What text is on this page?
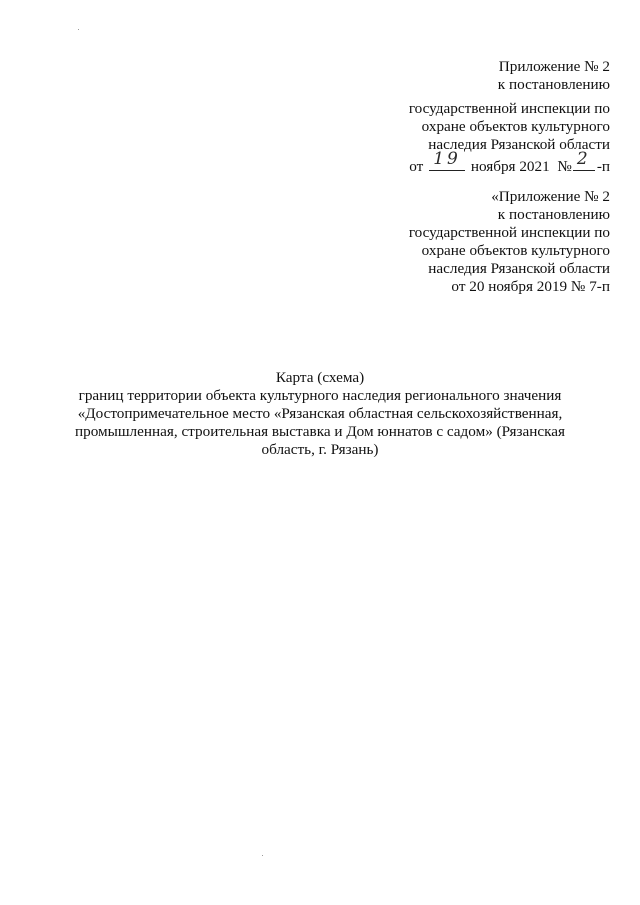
Приложение № 2
к постановлению
государственной инспекции по
охране объектов культурного
наследия Рязанской области
от 19 ноября 2021 № 2 -п
«Приложение № 2
к постановлению
государственной инспекции по
охране объектов культурного
наследия Рязанской области
от 20 ноября 2019 № 7-п
Карта (схема)
границ территории объекта культурного наследия регионального значения
«Достопримечательное место «Рязанская областная сельскохозяйственная,
промышленная, строительная выставка и Дом юннатов с садом» (Рязанская
область, г. Рязань)
